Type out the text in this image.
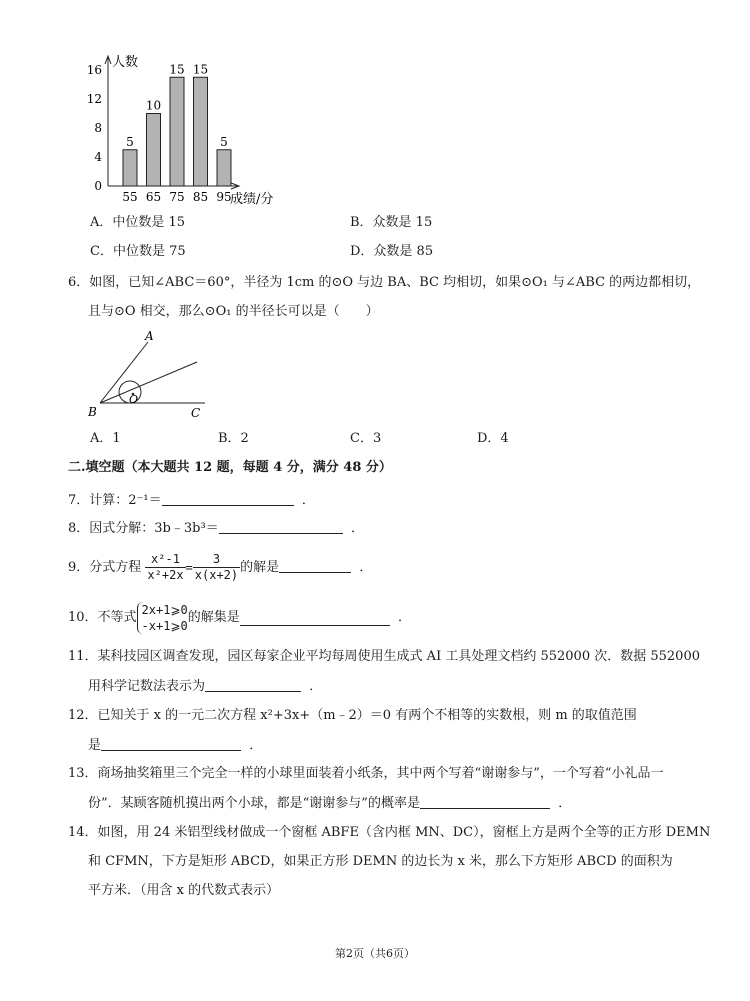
0
4
8
12
16 人数
成绩/分
5
55
10
65
15
75
15
85
5
95
A．中位数是 15	B．众数是 15
C．中位数是 75	D．众数是 85
6．如图，已知∠ABC＝60°，半径为 1cm 的⊙O 与边 BA、BC 均相切，如果⊙O₁ 与∠ABC 的两边都相切，
且与⊙O 相交，那么⊙O₁ 的半径长可以是（　　）
A
B	C
O
A．1	B．2	C．3	D．4
二.填空题（本大题共 12 题，每题 4 分，满分 48 分）
7．计算：2⁻¹＝	．
8．因式分解：3b﹣3b³＝	．
9．分式方程 $\frac{\text{x²-1}}{\text{x²+2x}} = \frac{3}{x(x+2)}$ 的解是	．
10．不等式 2x+1⩾0
-x+1⩾0
的解集是	．
11．某科技园区调查发现，园区每家企业平均每周使用生成式 AI 工具处理文档约 552000 次．数据 552000
用科学记数法表示为	．
12．已知关于 x 的一元二次方程 x²+3x+（m﹣2）＝0 有两个不相等的实数根，则 m 的取值范围
是	．
13．商场抽奖箱里三个完全一样的小球里面装着小纸条，其中两个写着“谢谢参与”，一个写着“小礼品一
份”．某顾客随机摸出两个小球，都是“谢谢参与”的概率是	．
14．如图，用 24 米铝型线材做成一个窗框 ABFE（含内框 MN、DC），窗框上方是两个全等的正方形 DEMN
和 CFMN，下方是矩形 ABCD，如果正方形 DEMN 的边长为 x 米，那么下方矩形 ABCD 的面积为
平方米．（用含 x 的代数式表示）
第2页（共6页）
